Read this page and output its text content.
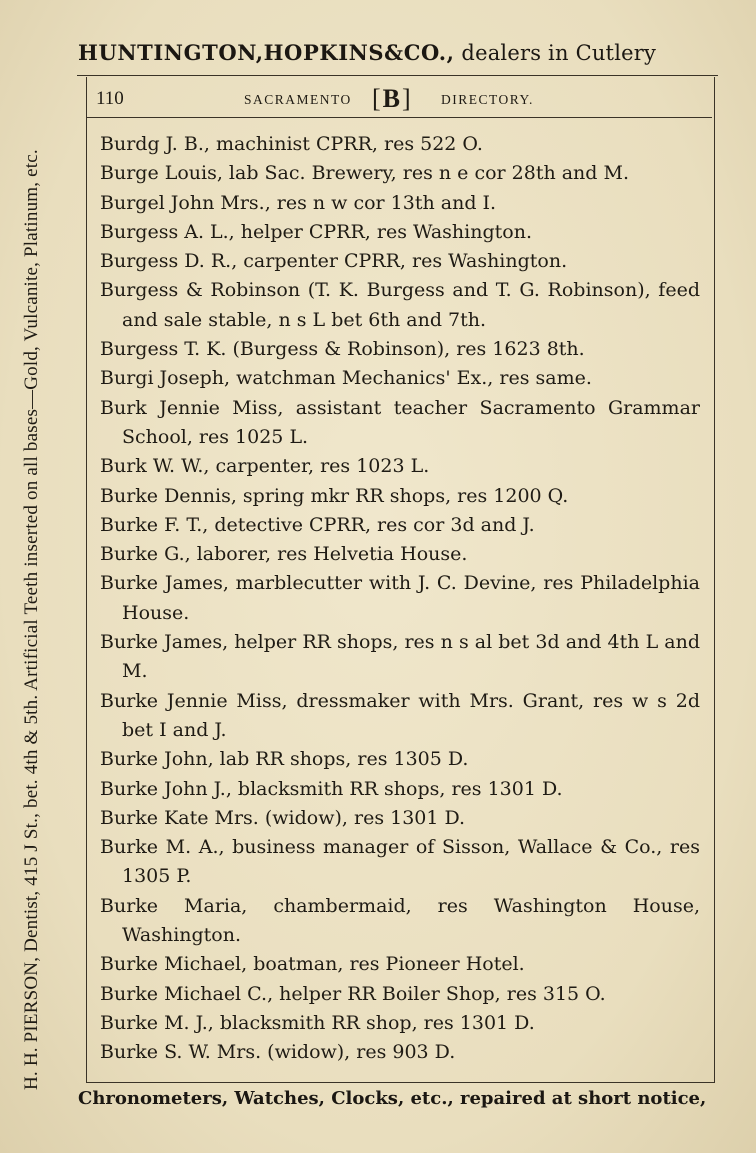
HUNTINGTON,HOPKINS&CO., dealers in Cutlery
110	SACRAMENTO
[	B ]	DIRECTORY.
Burdg J. B., machinist CPRR, res 522 O.
Burge Louis, lab Sac. Brewery, res n e cor 28th and M.
Burgel John Mrs., res n w cor 13th and I.
Burgess A. L., helper CPRR, res Washington.
Burgess D. R., carpenter CPRR, res Washington.
Burgess & Robinson (T. K. Burgess and T. G. Robinson), feed and sale stable, n s L bet 6th and 7th.
Burgess T. K. (Burgess & Robinson), res 1623 8th.
Burgi Joseph, watchman Mechanics' Ex., res same.
Burk Jennie Miss, assistant teacher Sacramento Grammar School, res 1025 L.
Burk W. W., carpenter, res 1023 L.
Burke Dennis, spring mkr RR shops, res 1200 Q.
Burke F. T., detective CPRR, res cor 3d and J.
Burke G., laborer, res Helvetia House.
Burke James, marblecutter with J. C. Devine, res Philadelphia House.
Burke James, helper RR shops, res n s al bet 3d and 4th L and M.
Burke Jennie Miss, dressmaker with Mrs. Grant, res w s 2d bet I and J.
Burke John, lab RR shops, res 1305 D.
Burke John J., blacksmith RR shops, res 1301 D.
Burke Kate Mrs. (widow), res 1301 D.
Burke M. A., business manager of Sisson, Wallace & Co., res 1305 P.
Burke Maria, chambermaid, res Washington House, Washington.
Burke Michael, boatman, res Pioneer Hotel.
Burke Michael C., helper RR Boiler Shop, res 315 O.
Burke M. J., blacksmith RR shop, res 1301 D.
Burke S. W. Mrs. (widow), res 903 D.
H. H. PIERSON, Dentist, 415 J St., bet. 4th & 5th. Artificial Teeth inserted on all bases—Gold, Vulcanite, Platinum, etc.
Chronometers, Watches, Clocks, etc., repaired at short notice,
